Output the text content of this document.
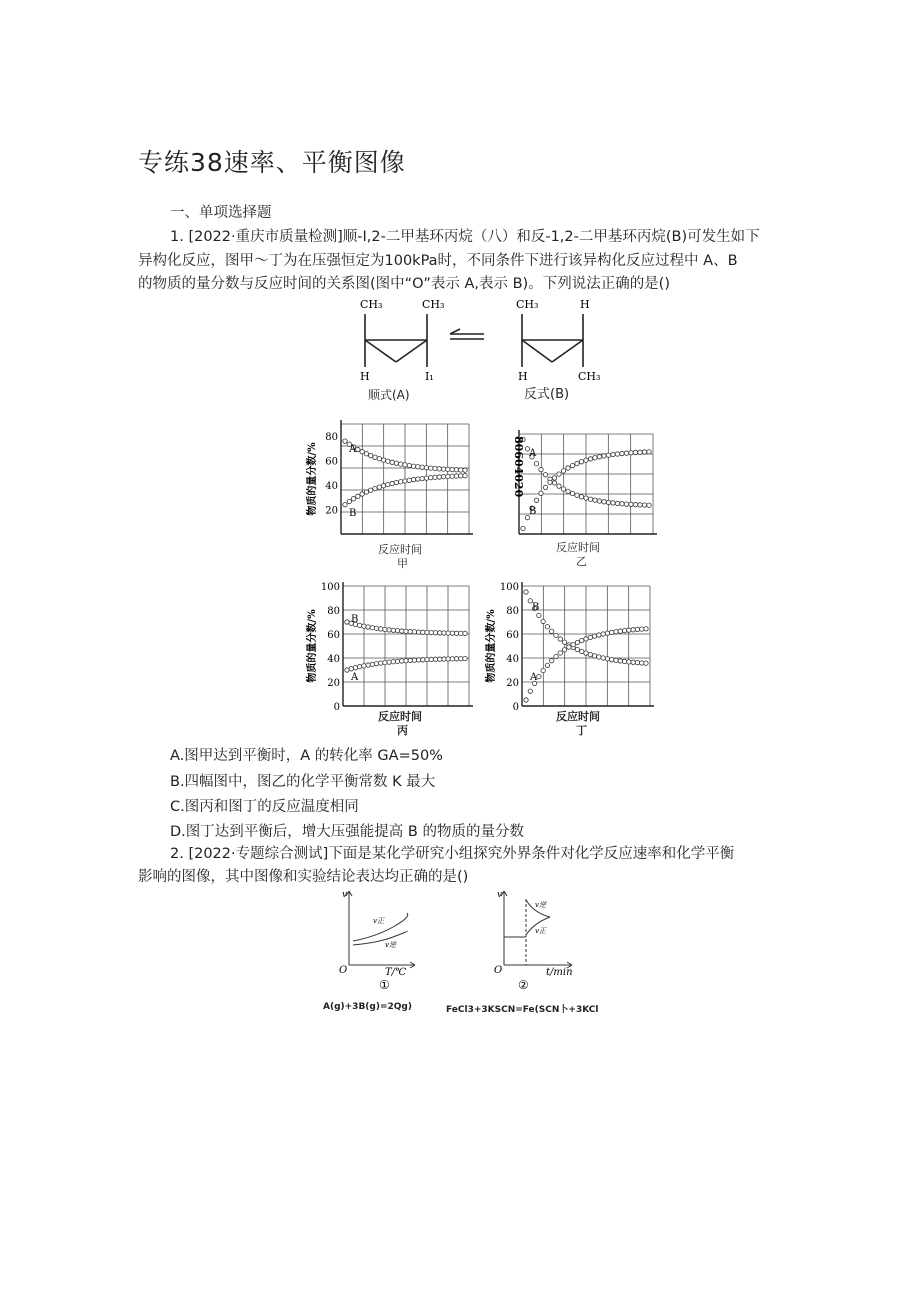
专练38速率、平衡图像
一、单项选择题
1. [2022·重庆市质量检测]顺-I,2-二甲基环丙烷（八）和反-1,2-二甲基环丙烷(B)可发生如下
异构化反应，图甲～丁为在压强恒定为100kPa时，不同条件下进行该异构化反应过程中 A、B
的物质的量分数与反应时间的关系图(图中“O”表示 A,表示 B)。下列说法正确的是()
CH₃	CH₃
H	I₁
CH₃	H
H	CH₃
顺式(A)	反式(B)
80
60
40
20
物质的量分数/%	A
B
反应时间
甲
80604020 A
B
反应时间
乙
100
80
60
40
20
0
物质的量分数/%	A
B
反应时间
丙
100
80
60
40
20
0
物质的量分数/%	A
B
反应时间
丁
A.图甲达到平衡时，A 的转化率 GA=50%
B.四幅图中，图乙的化学平衡常数 K 最大
C.图丙和图丁的反应温度相同
D.图丁达到平衡后，增大压强能提高 B 的物质的量分数
2. [2022·专题综合测试]下面是某化学研究小组探究外界条件对化学反应速率和化学平衡
影响的图像，其中图像和实验结论表达均正确的是()
v
O	T/℃
v正
v逆
①
A(g)+3B(g)=2Qg)
v
O	t/min
v逆
v正
②
FeCl3+3KSCN=Fe(SCN卜+3KCl
